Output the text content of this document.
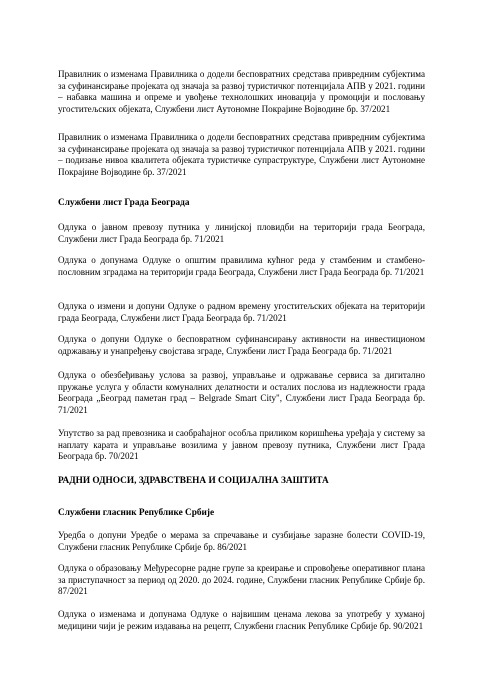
Правилник о изменама Правилника о додели бесповратних средстава привредним субјектима за суфинансирање пројеката од значаја за развој туристичког потенцијала АПВ у 2021. години – набавка машина и опреме и увођење технолошких иновација у промоцији и пословању угоститељских објеката, Службени лист Аутономне Покрајине Војводине бр. 37/2021

Правилник о изменама Правилника о додели бесповратних средстава привредним субјектима за суфинансирање пројеката од значаја за развој туристичког потенцијала АПВ у 2021. години – подизање нивоа квалитета објеката туристичке супраструктуре, Службени лист Аутономне Покрајине Војводине бр. 37/2021

Службени лист Града Београда

Одлука о јавном превозу путника у линијској пловидби на територији града Београда, Службени лист Града Београда бр. 71/2021

Одлука о допунама Одлуке о општим правилима кућног реда у стамбеним и стамбено-пословним зградама на територији града Београда, Службени лист Града Београда бр. 71/2021

Одлука о измени и допуни Одлуке о радном времену угоститељских објеката на територији града Београда, Службени лист Града Београда бр. 71/2021

Одлука о допуни Одлуке о бесповратном суфинансирању активности на инвестиционом одржавању и унапређењу својстава зграде, Службени лист Града Београда бр. 71/2021

Одлука о обезбеђивању услова за развој, управљање и одржавање сервиса за дигитално пружање услуга у области комуналних делатности и осталих послова из надлежности града Београда „Београд паметан град – Belgrade Smart City", Службени лист Града Београда бр. 71/2021

Упутство за рад превозника и саобраћајног особља приликом коришћења уређаја у систему за наплату карата и управљање возилима у јавном превозу путника, Службени лист Града Београда бр. 70/2021

РАДНИ ОДНОСИ, ЗДРАВСТВЕНА И СОЦИЈАЛНА ЗАШТИТА

Службени гласник Републике Србије

Уредба о допуни Уредбе о мерама за спречавање и сузбијање заразне болести COVID-19, Службени гласник Републике Србије бр. 86/2021

Одлука о образовању Међуресорне радне групе за креирање и спровођење оперативног плана за приступачност за период од 2020. до 2024. године, Службени гласник Републике Србије бр. 87/2021

Одлука о изменама и допунама Одлуке о највишим ценама лекова за употребу у хуманој медицини чији је режим издавања на рецепт, Службени гласник Републике Србије бр. 90/2021
